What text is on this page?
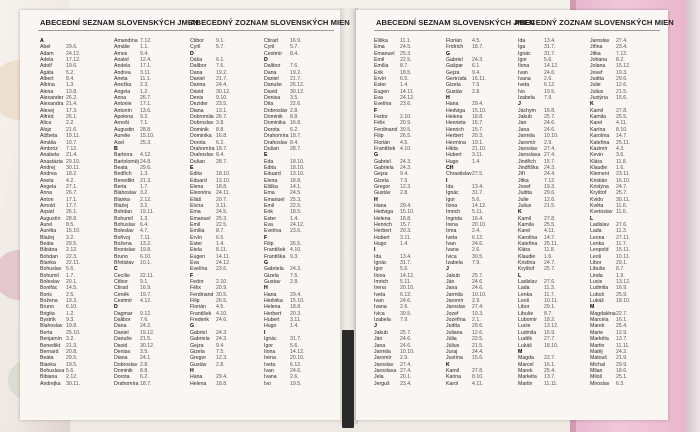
ABECEDNÍ SEZNAM SLOVENSKÝCH JMEN
ABECEDNÝ ZOZNAM SLOVENSKÝCH MIEN	ABECEDNÍ SEZNAM SLOVENSKÝCH JMEN
ABECEDNÝ ZOZNAM SLOVENSKÝCH MIEN
A
Ábel	29.6.
Adam	24.12.
Adela	17.12.
Adolf	19.6.
Agáta	5.2.
Albert	8.4.
Albína	1.3.
Alena	13.8.
Alexander 26.2.
Alexandra 21.4.
Alexej	17.3.
Alfréd	26.1.
Alica	2.2.
Alojz	21.6.
Alžbeta	19.11.
Amália	10.7.
Ambróz	7.12.
Anabela	21.4.
Anastázia 29.10.
Andrej	30.11.
Andrea	18.2.
Aneta	4.2.
Angela	27.1.
Anna	26.7.
Anton	17.1.
Arnold	17.7.
Arpád	26.1.
Augustín	28.8.
Aurel	8.5.
Aurélia	15.10.
Blažej	3.2.
Beáta	29.5.
Bibiána	2.12.
Bohdan	22.3.
Blanka	22.11.
Bohuslav 5.6.
Bohumil	1.7.
Boleslav	20.1.
Bonifác	14.5.
Boris	2.5.
Božena	13.3.
Bruno	6.10.
Brigita	1.2.
Bystrík	9.3.
Blahoslav 19.8.
Berta	25.10.
Benjamín 3.2.
Benedikt	21.3.
Bernard	20.8.
Beáta	29.5.
Bianka	19.5.
Bohuslava 5.6.
Bibiana	2.12.
Andrejka	30.11.
Amandína 7.12.
Amálie	1.1.
Amos	9.4.
Anatol	12.4.
Andela	17.1.
Andrea	3.11.
Aneta	11.1.
Anežka	2.3.
Angela	1.2.
Anna	26.7.
Antonie	17.1.
Antonín	13.6.
Apolena	9.2.
Arnošt	7.1.
Augustin	28.8.
Aurelie	15.10.
Axel	25.3.
B
Barbora	4.12.
Bartoloměj 24.8.
Beata	29.6.
Bedřich	1.3.
Benedikt	21.3.
Berta	1.7.
Blahoslav 3.2.
Blanka	2.12.
Blažej	3.2.
Bohdan	19.11.
Bohumil	1.3.
Bohuslav 6.4.
Boleslav	4.7.
Bořivoj	7.11.
Božena	13.2.
Bronislav 19.8.
Bruno	6.10.
Břetislav	10.1.
C
Cecílie	22.11.
Ctibor	9.1.
Ctirad	16.9.
Čeněk	19.7.
Čestmír	4.12.
D
Dagmar	9.12.
Dalibor	7.6.
Dana	24.2.
Daniel	19.12.
Danuše	21.5.
David	30.12.
Denisa	3.5.
Diana	24.1.
Dobroslav 2.8.
Dominik	8.8.
Dorota	6.2.
Drahomíra 18.7.
Ctibor	9.1.
Cyril	5.7.
D
Dáša	6.1.
Dalibor	7.6.
Dana	19.2.
Daniel	21.7.
Darina	24.4.
Dávid	30.12.
Denis	9.10.
Dezider	23.5.
Diana	13.1.
Dobromila 26.7.
Dobroslav 3.8.
Dominik	8.8.
Dominika 16.8.
Dorota	6.2.
Drahomíra 18.7.
Drahoslav 8.4.
Dušan	28.7.
E
Edita	18.10.
Eduard	13.10.
Elena	18.8.
Eleonóra	24.11.
Eliáš	20.7.
Elvíra	3.11.
Ema	24.5.
Emanuel	25.3.
Emil	22.5.
Emília	8.7.
Ervín	6.5.
Ester	1.4.
Etela	8.11.
Eugen	14.11.
Eva	24.12.
Evelína	23.6.
F
Fedor	2.10.
Félix	20.9.
Ferdinand 30.5.
Filip	26.5.
Florián	4.5.
František 4.10.
Frederik	24.6.
G
Gabriel	24.3.
Gabriela	24.3.
Gejza	9.4.
Gizela	7.5.
Gregor	12.3.
Gustáv	2.8.
H
Hana	29.4.
Helena	18.8.
Ctirad	16.9.
Cyril	5.7.
Čestmír	8.4.
D
Dalibor	7.6.
Dana	19.2.
Daniel	21.7.
Danuše	26.12.
David	30.12.
Denisa	3.5.
Dita	22.6.
Dobroslav 2.8.
Dominik	8.8.
Dominika 16.8.
Dorota	6.2.
Drahomíra 18.7.
Drahoslav 8.4.
Dušan	28.7.
E
Eda	18.10.
Edita	18.10.
Eduard	13.10.
Elena	18.8.
Eliška	14.1.
Ema	24.5.
Emanuel	25.3.
Emil	22.5.
Erik	18.5.
Ester	1.4.
Eva	24.12.
Evelína	23.6.
F
Filip	26.5.
František 4.10.
Františka 9.3.
G
Gabriela	24.3.
Gizela	7.5.
Gustav	2.8.
H
Hana	29.4.
Hedvika	15.10.
Helena	18.8.
Herbert	20.3.
Hubert	3.11.
Hugo	1.4.
I
Ignác	31.7.
Igor	5.6.
Ilona	14.12.
Irena	20.10.
Iveta	6.12.
Ivan	24.6.
Ivana	2.6.
Ivo	19.5.
Eliška	11.1.
Ema	24.5.
Emanuel	25.3.
Emil	22.5.
Emília	8.7.
Erik	18.5.
Ervín	6.5.
Ester	1.4.
Eugen	14.11.
Eva	24.12.
Evelína	23.6.
F
Fedor	2.10.
Félix	20.9.
Ferdinand 30.5.
Filip	26.5.
Florián	4.5.
František 4.10.
G
Gabriel	24.3.
Gabriela	24.3.
Gejza	9.4.
Gizela	7.5.
Gregor	12.3.
Gustáv	2.8.
H
Hana	29.4.
Hedviga	15.10.
Helena	18.8.
Henrich	15.7.
Herbert	20.3.
Hubert	3.11.
Hugo	1.4.
I
Ida	13.4.
Ignác	31.7.
Igor	5.6.
Ilona	14.12.
Imrich	5.11.
Irena	20.10.
Iveta	6.12.
Ivan	24.6.
Ivana	2.6.
Ivica	30.5.
Izabela	7.9.
J
Jakub	25.7.
Ján	24.6.
Jana	24.6.
Jarmila	10.10.
Jaromír	2.9.
Jaroslav	27.4.
Jaroslava 27.4.
Jela	20.1.
Jerguš	23.4.
Florián	4.5.
Fridrich	18.7.
G
Gabriel	24.3.
Gašpar	6.1.
Gejza	9.4.
Gertrúda	16.11.
Gizela	7.5.
Gustáv	2.8.
H
Hana	29.4.
Hedviga	15.10.
Helena	18.8.
Henrieta	15.7.
Henrich	15.7.
Herbert	20.3.
Hermína	19.1.
Hilda	21.10.
Hubert	3.11.
Hugo	1.4.
CH
Chrastislav 27.5.
I
Ida	13.4.
Ignác	31.7.
Igor	5.6.
Ilona	14.12.
Imrich	5.11.
Ingrida	16.4.
Irena	20.10.
Irma	2.4.
Iveta	6.12.
Ivan	24.6.
Ivana	2.6.
Ivica	30.5.
Izabela	7.9.
J
Jakub	25.7.
Ján	24.6.
Jana	24.6.
Jarmila	10.10.
Jaromír	2.9.
Jaroslav	27.4.
Jozef	19.3.
Jozefína	2.1.
Judita	29.6.
Juliana	12.6.
Júlia	22.5.
Július	21.5.
Juraj	24.4.
Justína	15.6.
K
Kamil	27.8.
Karina	8.10.
Karol	4.11.
Ida	13.4.
Iga	31.7.
Ignác	31.7.
Igor	5.6.
Ilona	14.12.
Ivan	24.6.
Ivana	2.6.
Iveta	6.12.
Ivo	19.5.
Izabela	7.9.
J
Jáchym	16.8.
Jakub	25.7.
Jan	24.6.
Jana	24.6.
Jarmila	10.10.
Jaromír	2.9.
Jaroslav	27.4.
Jaroslava 27.4.
Jindřich	15.7.
Jindřiška	24.3.
Jiří	24.4.
Jitka	7.12.
Josef	19.3.
Judita	29.6.
Julie	12.6.
Julius	21.5.
K
Kamil	27.8.
Kamila	25.5.
Karel	4.11.
Karolína	14.7.
Kateřina	25.11.
Klára	11.8.
Klaudie	1.6.
Kristina	24.7.
Kryštof	25.7.
L
Ladislav	27.6.
Lada	11.3.
Lenka	11.7.
Leoš	10.11.
Libor	29.1.
Libuše	8.7.
Lubomír	18.2.
Lucie	13.12.
Ludmila	16.9.
Luděk	27.7.
Lukáš	18.10.
M
Magda	22.7.
Marcel	16.1.
Marek	25.4.
Markéta	13.7.
Martin	11.11.
Jaroslav	27.4.
Jiřina	23.4.
Jitka	7.12.
Johana	8.2.
Jolana	15.12.
Josef	19.3.
Judita	29.6.
Julie	12.6.
Julius	21.5.
Justýna	15.6.
K
Kamil	27.8.
Kamila	25.5.
Karel	4.11.
Karína	8.10.
Karolína	14.7.
Kateřina	25.11.
Kazimír	4.3.
Kevin	3.6.
Klára	11.8.
Klaudie	1.6.
Klement	23.11.
Kristián	16.10.
Kristýna	24.7.
Kryštof	25.7.
Kvido	30.11.
Květa	11.6.
Kvetoslav 11.6.
L
Ladislav	27.6.
Lada	11.3.
Leona	27.11.
Lenka	11.7.
Leopold	15.11.
Leoš	10.11.
Libor	29.1.
Libuše	8.7.
Linda	1.9.
Lucie	13.12.
Ludmila	16.9.
Luboš	25.9.
Lukáš	18.10.
M
Magdaléna 22.7.
Marcela	16.1.
Marek	25.4.
Marie	12.9.
Markéta	13.7.
Martin	11.11.
Matěj	24.2.
Matouš	21.9.
Michal	29.9.
Milan	18.6.
Miloš	25.1.
Miroslav	6.3.
